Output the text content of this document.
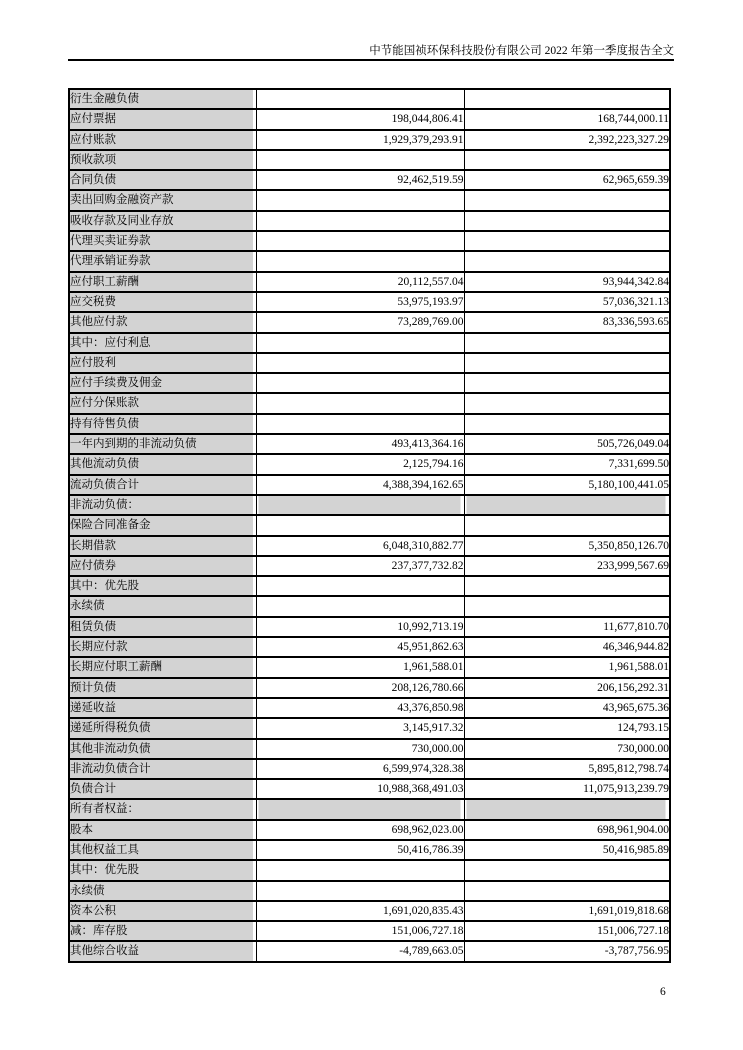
中节能国祯环保科技股份有限公司 2022 年第一季度报告全文
衍生金融负债		
应付票据	198,044,806.41	168,744,000.11
应付账款	1,929,379,293.91	2,392,223,327.29
预收款项		
合同负债	92,462,519.59	62,965,659.39
卖出回购金融资产款		
吸收存款及同业存放		
代理买卖证券款		
代理承销证券款		
应付职工薪酬	20,112,557.04	93,944,342.84
应交税费	53,975,193.97	57,036,321.13
其他应付款	73,289,769.00	83,336,593.65
其中：应付利息		
应付股利		
应付手续费及佣金		
应付分保账款		
持有待售负债		
一年内到期的非流动负债	493,413,364.16	505,726,049.04
其他流动负债	2,125,794.16	7,331,699.50
流动负债合计	4,388,394,162.65	5,180,100,441.05
非流动负债：		
保险合同准备金		
长期借款	6,048,310,882.77	5,350,850,126.70
应付债券	237,377,732.82	233,999,567.69
其中：优先股		
永续债		
租赁负债	10,992,713.19	11,677,810.70
长期应付款	45,951,862.63	46,346,944.82
长期应付职工薪酬	1,961,588.01	1,961,588.01
预计负债	208,126,780.66	206,156,292.31
递延收益	43,376,850.98	43,965,675.36
递延所得税负债	3,145,917.32	124,793.15
其他非流动负债	730,000.00	730,000.00
非流动负债合计	6,599,974,328.38	5,895,812,798.74
负债合计	10,988,368,491.03	11,075,913,239.79
所有者权益：		
股本	698,962,023.00	698,961,904.00
其他权益工具	50,416,786.39	50,416,985.89
其中：优先股		
永续债		
资本公积	1,691,020,835.43	1,691,019,818.68
减：库存股	151,006,727.18	151,006,727.18
其他综合收益	-4,789,663.05	-3,787,756.95
6
